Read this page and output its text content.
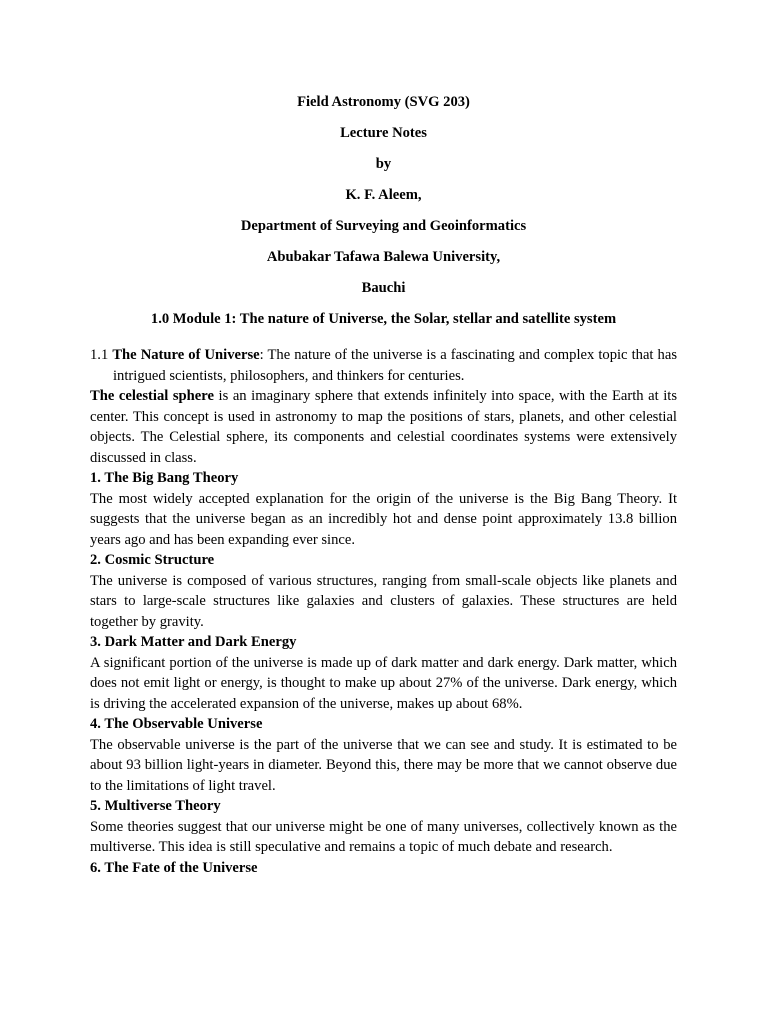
Field Astronomy (SVG 203)
Lecture Notes
by
K. F. Aleem,
Department of Surveying and Geoinformatics
Abubakar Tafawa Balewa University,
Bauchi
1.0 Module 1: The nature of Universe, the Solar, stellar and satellite system

1.1 The Nature of Universe: The nature of the universe is a fascinating and complex topic that has intrigued scientists, philosophers, and thinkers for centuries.

The celestial sphere is an imaginary sphere that extends infinitely into space, with the Earth at its center. This concept is used in astronomy to map the positions of stars, planets, and other celestial objects. The Celestial sphere, its components and celestial coordinates systems were extensively discussed in class.

1. The Big Bang Theory

The most widely accepted explanation for the origin of the universe is the Big Bang Theory. It suggests that the universe began as an incredibly hot and dense point approximately 13.8 billion years ago and has been expanding ever since.

2. Cosmic Structure

The universe is composed of various structures, ranging from small-scale objects like planets and stars to large-scale structures like galaxies and clusters of galaxies. These structures are held together by gravity.

3. Dark Matter and Dark Energy

A significant portion of the universe is made up of dark matter and dark energy. Dark matter, which does not emit light or energy, is thought to make up about 27% of the universe. Dark energy, which is driving the accelerated expansion of the universe, makes up about 68%.

4. The Observable Universe

The observable universe is the part of the universe that we can see and study. It is estimated to be about 93 billion light-years in diameter. Beyond this, there may be more that we cannot observe due to the limitations of light travel.

5. Multiverse Theory

Some theories suggest that our universe might be one of many universes, collectively known as the multiverse. This idea is still speculative and remains a topic of much debate and research.

6. The Fate of the Universe
